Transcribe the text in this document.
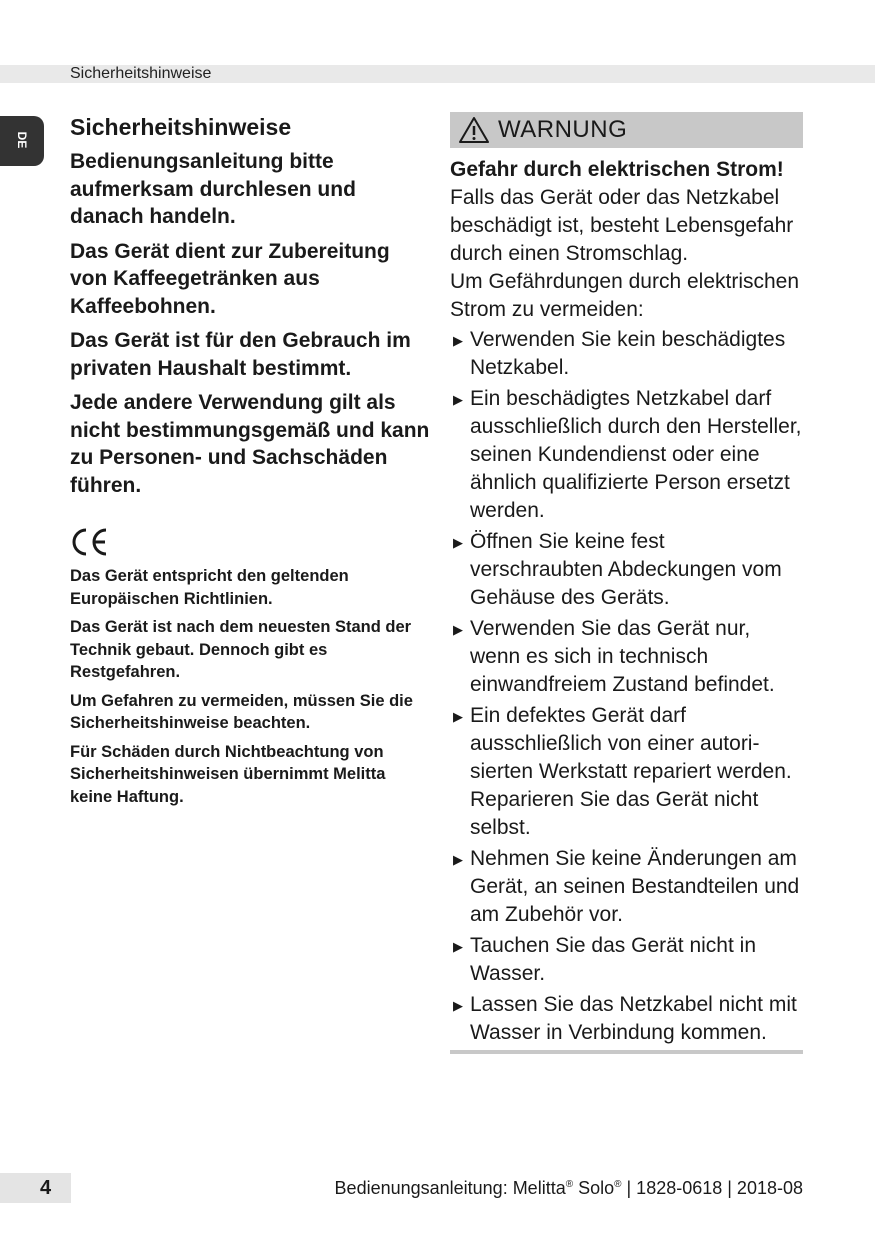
Sicherheitshinweise
DE Sicherheitshinweise

Bedienungsanleitung bitte aufmerksam durchlesen und danach handeln.

Das Gerät dient zur Zubereitung von Kaffeegetränken aus Kaffeebohnen.

Das Gerät ist für den Gebrauch im privaten Haushalt bestimmt.

Jede andere Verwendung gilt als nicht bestimmungsgemäß und kann zu Personen- und Sachschäden führen.

Das Gerät entspricht den geltenden Europäischen Richtlinien.

Das Gerät ist nach dem neuesten Stand der Technik gebaut. Dennoch gibt es Restgefahren.

Um Gefahren zu vermeiden, müssen Sie die Sicherheitshinweise beachten.

Für Schäden durch Nichtbeachtung von Sicherheitshinweisen übernimmt Melitta keine Haftung.

WARNUNG
Gefahr durch elektrischen Strom!

Falls das Gerät oder das Netzkabel beschädigt ist, besteht Lebensgefahr durch einen Stromschlag.

Um Gefährdungen durch elektrischen Strom zu vermeiden:

▶ Verwenden Sie kein beschädigtes Netzkabel.
▶ Ein beschädigtes Netzkabel darf ausschließlich durch den Hersteller, seinen Kundendienst oder eine ähnlich qualifizierte Person ersetzt werden.
▶ Öffnen Sie keine fest verschraubten Abdeckungen vom Gehäuse des Geräts.
▶ Verwenden Sie das Gerät nur, wenn es sich in technisch einwandfreiem Zustand befindet.
▶ Ein defektes Gerät darf ausschließlich von einer autori-sierten Werkstatt repariert werden. Reparieren Sie das Gerät nicht selbst.
▶ Nehmen Sie keine Änderungen am Gerät, an seinen Bestandteilen und am Zubehör vor.
▶ Tauchen Sie das Gerät nicht in Wasser.
▶ Lassen Sie das Netzkabel nicht mit Wasser in Verbindung kommen.
4	Bedienungsanleitung: Melitta® Solo® | 1828-0618 | 2018-08
